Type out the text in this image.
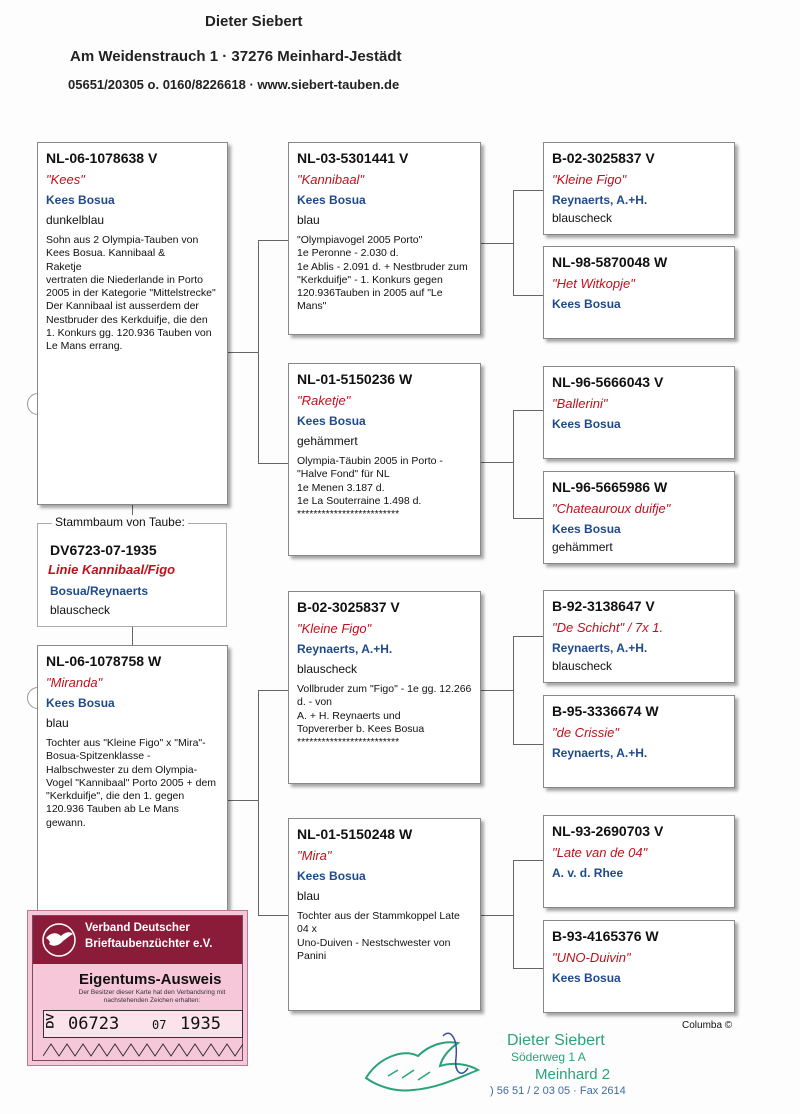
Dieter Siebert
Am Weidenstrauch 1 · 37276 Meinhard-Jestädt
05651/20305 o. 0160/8226618 · www.siebert-tauben.de
NL-06-1078638 V
"Kees"
Kees Bosua
dunkelblau
Sohn aus 2 Olympia-Tauben von Kees Bosua. Kannibaal &
Raketje
vertraten die Niederlande in Porto 2005 in der Kategorie "Mittelstrecke"
Der Kannibaal ist ausserdem der Nestbruder des Kerkduifje, die den 1. Konkurs gg. 120.936 Tauben von Le Mans errang.
Stammbaum von Taube:
DV6723-07-1935
Linie Kannibaal/Figo
Bosua/Reynaerts
blauscheck
NL-06-1078758 W
"Miranda"
Kees Bosua
blau
Tochter aus "Kleine Figo" x "Mira"- Bosua-Spitzenklasse - Halbschwester zu dem Olympia-Vogel "Kannibaal" Porto 2005 + dem "Kerkduifje", die den 1. gegen 120.936 Tauben ab Le Mans gewann.
NL-03-5301441 V
"Kannibaal"
Kees Bosua
blau
"Olympiavogel 2005 Porto"
1e Peronne - 2.030 d.
1e Ablis - 2.091 d. + Nestbruder zum "Kerkduifje" - 1. Konkurs gegen 120.936Tauben in 2005 auf "Le Mans"
NL-01-5150236 W
"Raketje"
Kees Bosua
gehämmert
Olympia-Täubin 2005 in Porto - "Halve Fond" für NL
1e Menen 3.187 d.
1e La Souterraine 1.498 d.
*************************
B-02-3025837 V
"Kleine Figo"
Reynaerts, A.+H.
blauscheck
Vollbruder zum "Figo" - 1e gg. 12.266 d. - von
A. + H. Reynaerts und
Topvererber b. Kees Bosua
*************************
NL-01-5150248 W
"Mira"
Kees Bosua
blau
Tochter aus der Stammkoppel Late 04 x
Uno-Duiven - Nestschwester von Panini
B-02-3025837 V
"Kleine Figo"
Reynaerts, A.+H.
blauscheck
NL-98-5870048 W
"Het Witkopje"
Kees Bosua
NL-96-5666043 V
"Ballerini"
Kees Bosua
NL-96-5665986 W
"Chateauroux duifje"
Kees Bosua
gehämmert
B-92-3138647 V
"De Schicht" / 7x 1.
Reynaerts, A.+H.
blauscheck
B-95-3336674 W
"de Crissie"
Reynaerts, A.+H.
NL-93-2690703 V
"Late van de 04"
A. v. d. Rhee
B-93-4165376 W
"UNO-Duivin"
Kees Bosua
Verband Deutscher
Brieftaubenzüchter e.V.
Eigentums-Ausweis
Der Besitzer dieser Karte hat den Verbandsring mit nachstehenden Zeichen erhalten:
DV 06723	07 1935
Dieter Siebert
Söderweg 1 A
Meinhard 2
) 56 51 / 2 03 05 · Fax 2614
Columba ©
